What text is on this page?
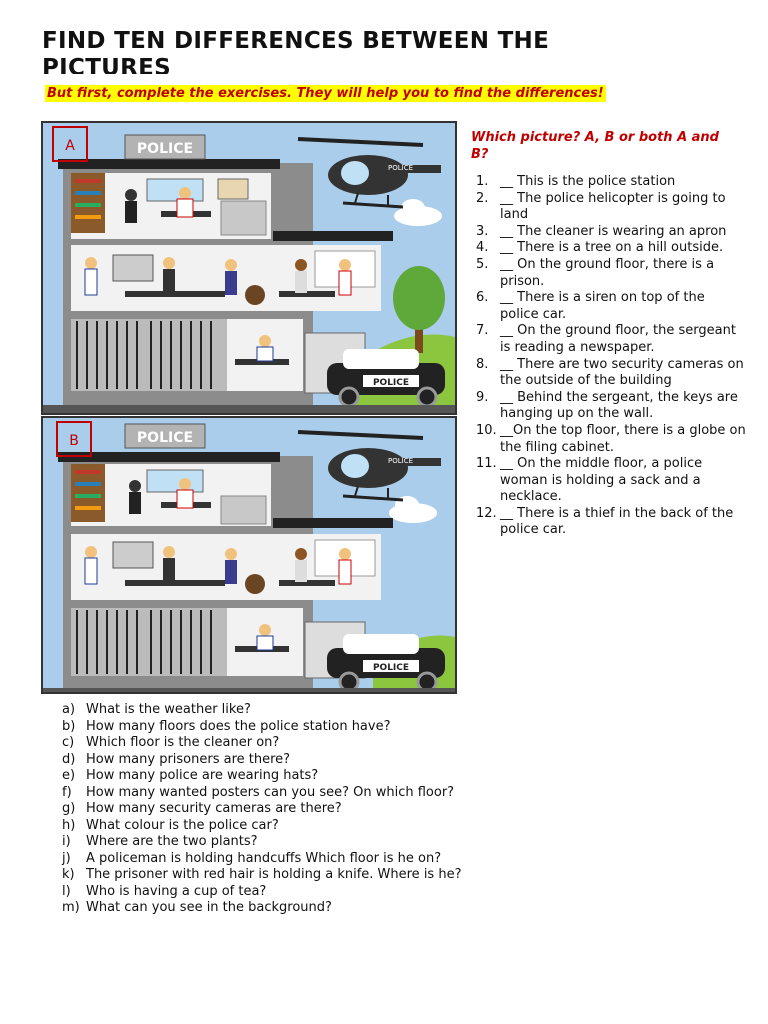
FIND TEN DIFFERENCES BETWEEN THE PICTURES
But first, complete the exercises. They will help you to find the differences!
POLICE
POLICE
POLICE
A
POLICE
POLICE
POLICE
B

Which picture? A, B or both A and B?

1. __ This is the police station
2. __ The police helicopter is going to land
3. __ The cleaner is wearing an apron
4. __ There is a tree on a hill outside.
5. __ On the ground floor, there is a prison.
6. __ There is a siren on top of the police car.
7. __ On the ground floor, the sergeant is reading a newspaper.
8. __ There are two security cameras on the outside of the building
9. __ Behind the sergeant, the keys are hanging up on the wall.
10. __On the top floor, there is a globe on the filing cabinet.
11. __ On the middle floor, a police woman is holding a sack and a necklace.
12. __ There is a thief in the back of the police car.
a) What is the weather like?
b) How many floors does the police station have?
c) Which floor is the cleaner on?
d) How many prisoners are there?
e) How many police are wearing hats?
f)	How many wanted posters can you see? On which floor?
g) How many security cameras are there?
h) What colour is the police car?
i)	Where are the two plants?
j)	A policeman is holding handcuffs Which floor is he on?
k) The prisoner with red hair is holding a knife. Where is he?
l)	Who is having a cup of tea?
m) What can you see in the background?
